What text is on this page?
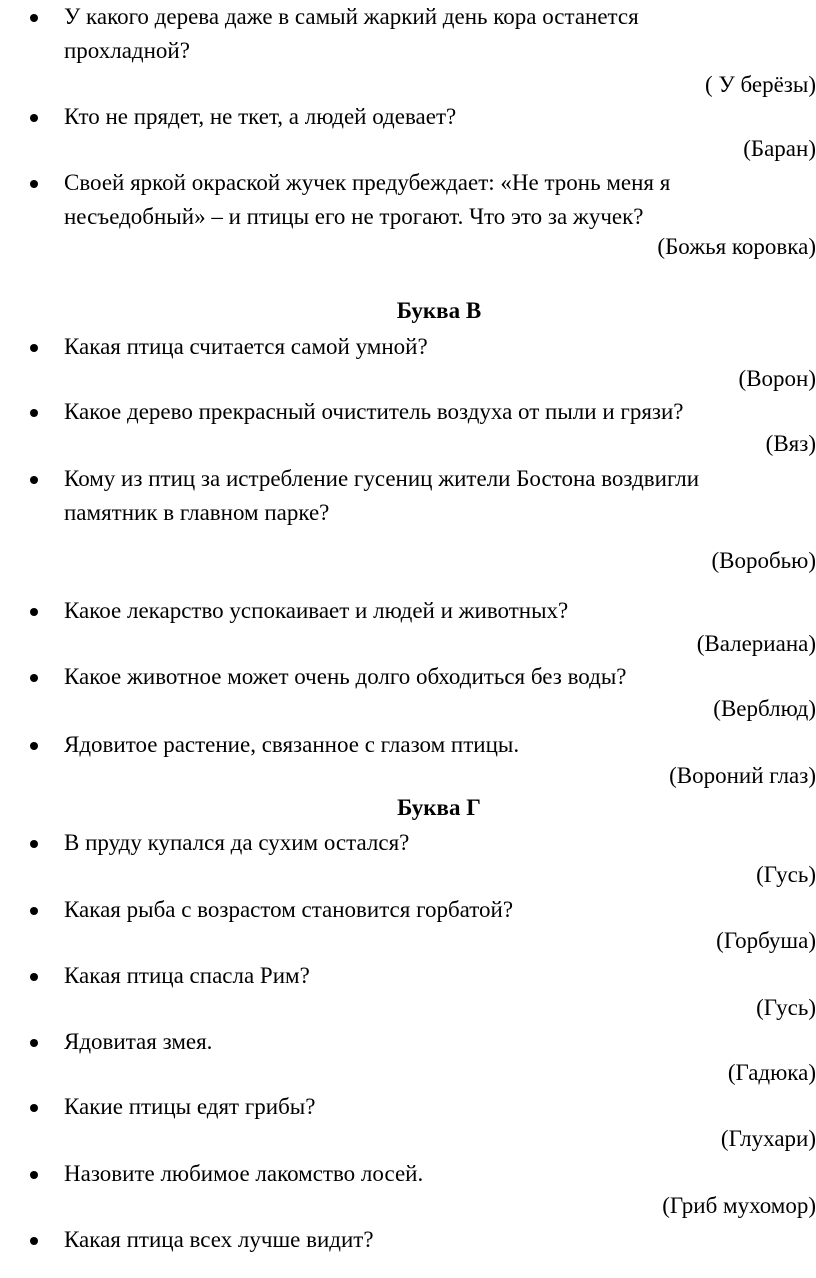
У какого дерева даже в самый жаркий день кора останется
прохладной?
( У берёзы)
Кто не прядет, не ткет, а людей одевает?
(Баран)
Своей яркой окраской жучек предубеждает: «Не тронь меня я
несъедобный» – и птицы его не трогают. Что это за жучек?
(Божья коровка)
Буква В
Какая птица считается самой умной?
(Ворон)
Какое дерево прекрасный очиститель воздуха от пыли и грязи?
(Вяз)
Кому из птиц за истребление гусениц жители Бостона воздвигли
памятник в главном парке?
(Воробью)
Какое лекарство успокаивает и людей и животных?
(Валериана)
Какое животное может очень долго обходиться без воды?
(Верблюд)
Ядовитое растение, связанное с глазом птицы.
(Вороний глаз)
Буква Г
В пруду купался да сухим остался?
(Гусь)
Какая рыба с возрастом становится горбатой?
(Горбуша)
Какая птица спасла Рим?
(Гусь)
Ядовитая змея.
(Гадюка)
Какие птицы едят грибы?
(Глухари)
Назовите любимое лакомство лосей.
(Гриб мухомор)
Какая птица всех лучше видит?
